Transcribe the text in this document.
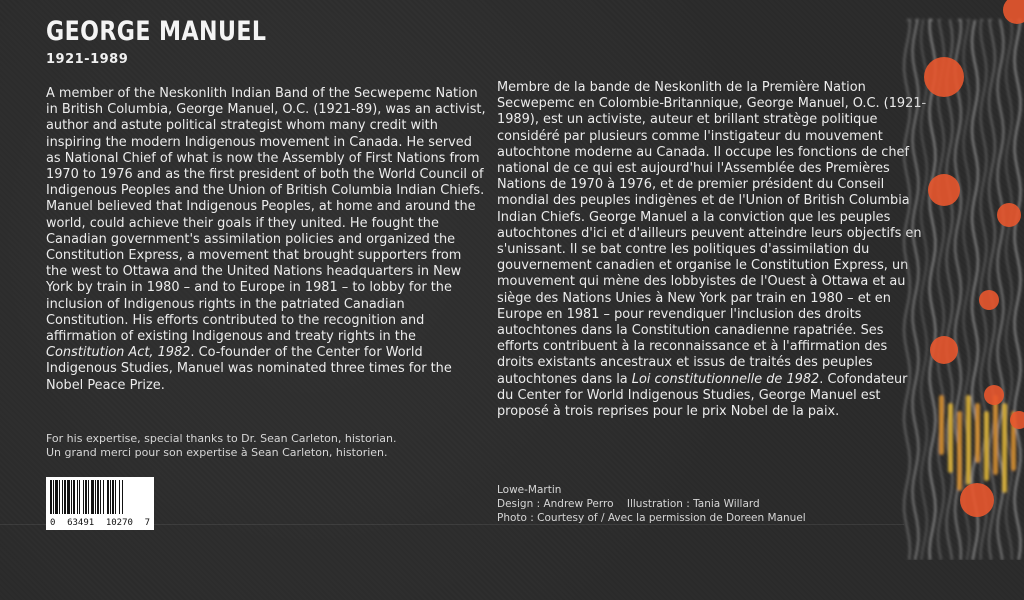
GEORGE MANUEL
1921-1989
A member of the Neskonlith Indian Band of the Secwepemc Nation in British Columbia, George Manuel, O.C. (1921-89), was an activist, author and astute political strategist whom many credit with inspiring the modern Indigenous movement in Canada. He served as National Chief of what is now the Assembly of First Nations from 1970 to 1976 and as the first president of both the World Council of Indigenous Peoples and the Union of British Columbia Indian Chiefs. Manuel believed that Indigenous Peoples, at home and around the world, could achieve their goals if they united. He fought the Canadian government's assimilation policies and organized the Constitution Express, a movement that brought supporters from the west to Ottawa and the United Nations headquarters in New York by train in 1980 – and to Europe in 1981 – to lobby for the inclusion of Indigenous rights in the patriated Canadian Constitution. His efforts contributed to the recognition and affirmation of existing Indigenous and treaty rights in the Constitution Act, 1982. Co-founder of the Center for World Indigenous Studies, Manuel was nominated three times for the Nobel Peace Prize.
Membre de la bande de Neskonlith de la Première Nation Secwepemc en Colombie-Britannique, George Manuel, O.C. (1921-1989), est un activiste, auteur et brillant stratège politique considéré par plusieurs comme l'instigateur du mouvement autochtone moderne au Canada. Il occupe les fonctions de chef national de ce qui est aujourd'hui l'Assemblée des Premières Nations de 1970 à 1976, et de premier président du Conseil mondial des peuples indigènes et de l'Union of British Columbia Indian Chiefs. George Manuel a la conviction que les peuples autochtones d'ici et d'ailleurs peuvent atteindre leurs objectifs en s'unissant. Il se bat contre les politiques d'assimilation du gouvernement canadien et organise le Constitution Express, un mouvement qui mène des lobbyistes de l'Ouest à Ottawa et au siège des Nations Unies à New York par train en 1980 – et en Europe en 1981 – pour revendiquer l'inclusion des droits autochtones dans la Constitution canadienne rapatriée. Ses efforts contribuent à la reconnaissance et à l'affirmation des droits existants ancestraux et issus de traités des peuples autochtones dans la Loi constitutionnelle de 1982. Cofondateur du Center for World Indigenous Studies, George Manuel est proposé à trois reprises pour le prix Nobel de la paix.
For his expertise, special thanks to Dr. Sean Carleton, historian.
Un grand merci pour son expertise à Sean Carleton, historien.
0 63491 10270 7
Lowe-Martin
Design : Andrew Perro Illustration : Tania Willard
Photo : Courtesy of / Avec la permission de Doreen Manuel
